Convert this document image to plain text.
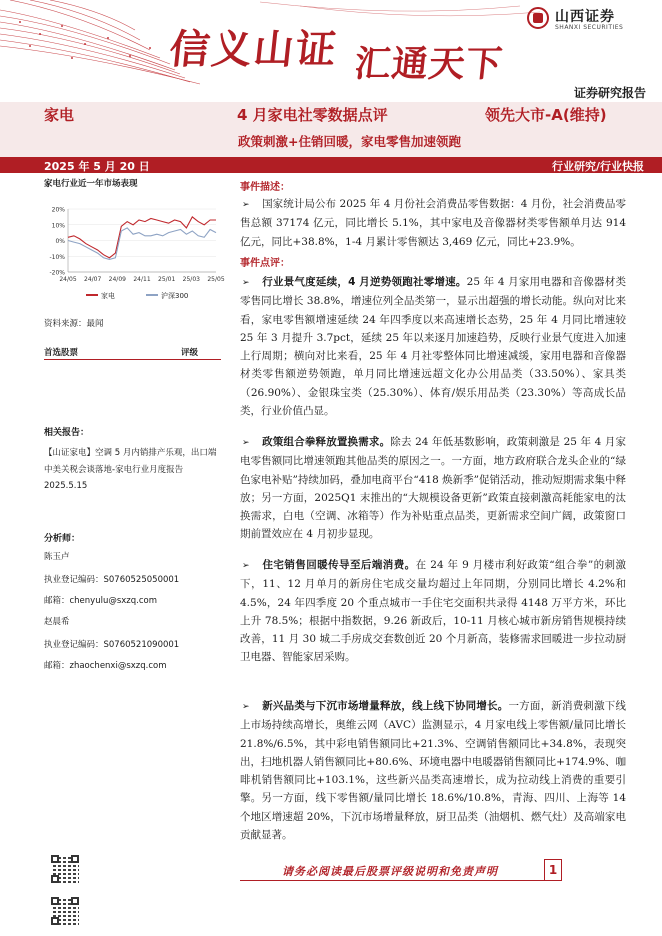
信义山证 汇通天下
山西证券
SHANXI SECURITIES
证券研究报告
家电	4 月家电社零数据点评	领先大市-A(维持)
政策刺激+住销回暖，家电零售加速领跑
2025 年 5 月 20 日	行业研究/行业快报
家电行业近一年市场表现
20%
10%
0%
-10%
-20%
24/05 24/07 24/09 24/11 25/01 25/03 25/05
家电	沪深300
资料来源：最闻
首选股票	评级
相关报告：
【山证家电】空调 5 月内销排产乐观，出口端中美关税会谈落地-家电行业月度报告 2025.5.15
分析师：
陈玉卢
执业登记编码：S0760525050001
邮箱：chenyulu@sxzq.com
赵晨希
执业登记编码：S0760521090001
邮箱：zhaochenxi@sxzq.com
事件描述：
➢ 国家统计局公布 2025 年 4 月份社会消费品零售数据：4 月份，社会消费品零售总额 37174 亿元，同比增长 5.1%，其中家电及音像器材类零售额单月达 914 亿元，同比+38.8%，1-4 月累计零售额达 3,469 亿元，同比+23.9%。
事件点评：
➢ 行业景气度延续，4 月逆势领跑社零增速。25 年 4 月家用电器和音像器材类零售同比增长 38.8%，增速位列全品类第一，显示出超强的增长动能。纵向对比来看，家电零售额增速延续 24 年四季度以来高速增长态势，25 年 4 月同比增速较 25 年 3 月提升 3.7pct，延续 25 年以来逐月加速趋势，反映行业景气度进入加速上行周期；横向对比来看，25 年 4 月社零整体同比增速减缓，家用电器和音像器材类零售额逆势领跑，单月同比增速远超文化办公用品类（33.50%）、家具类（26.90%）、金银珠宝类（25.30%）、体育/娱乐用品类（23.30%）等高成长品类，行业价值凸显。
➢ 政策组合拳释放置换需求。除去 24 年低基数影响，政策刺激是 25 年 4 月家电零售额同比增速领跑其他品类的原因之一。一方面，地方政府联合龙头企业的“绿色家电补贴”持续加码，叠加电商平台“418 焕新季”促销活动，推动短期需求集中释放；另一方面，2025Q1 末推出的“大规模设备更新”政策直接刺激高耗能家电的汰换需求，白电（空调、冰箱等）作为补贴重点品类，更新需求空间广阔，政策窗口期前置效应在 4 月初步显现。
➢ 住宅销售回暖传导至后端消费。在 24 年 9 月楼市利好政策“组合拳”的刺激下，11、12 月单月的新房住宅成交量均超过上年同期，分别同比增长 4.2%和 4.5%，24 年四季度 20 个重点城市一手住宅交面积共录得 4148 万平方米，环比上升 78.5%；根据中指数据，9.26 新政后，10-11 月核心城市新房销售规模持续改善，11 月 30 城二手房成交套数创近 20 个月新高，装修需求回暖进一步拉动厨卫电器、智能家居采购。
➢ 新兴品类与下沉市场增量释放，线上线下协同增长。一方面，新消费刺激下线上市场持续高增长，奥维云网（AVC）监测显示，4 月家电线上零售额/量同比增长 21.8%/6.5%，其中彩电销售额同比+21.3%、空调销售额同比+34.8%，表现突出，扫地机器人销售额同比+80.6%、环境电器中电暖器销售额同比+174.9%、咖啡机销售额同比+103.1%，这些新兴品类高速增长，成为拉动线上消费的重要引擎。另一方面，线下零售额/量同比增长 18.6%/10.8%，青海、四川、上海等 14 个地区增速超 20%，下沉市场增量释放，厨卫品类（油烟机、燃气灶）及高端家电贡献显著。
请务必阅读最后股票评级说明和免责声明	1
